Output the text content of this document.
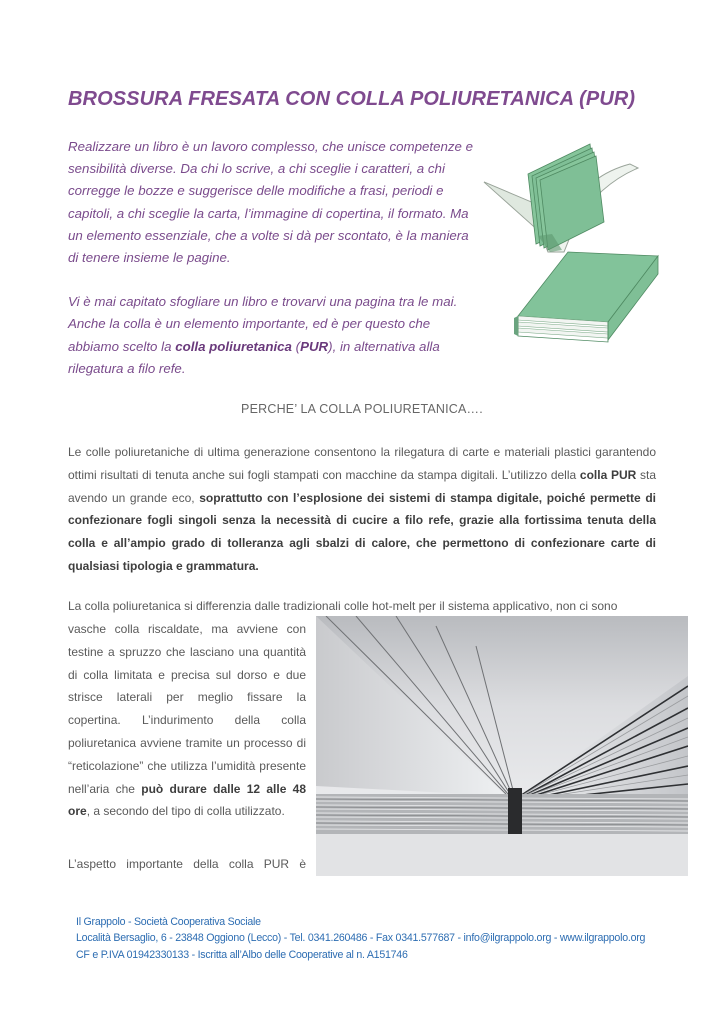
BROSSURA FRESATA CON COLLA POLIURETANICA (PUR)

Realizzare un libro è un lavoro complesso, che unisce competenze e sensibilità diverse. Da chi lo scrive, a chi sceglie i caratteri, a chi corregge le bozze e suggerisce delle modifiche a frasi, periodi e capitoli, a chi sceglie la carta, l’immagine di copertina, il formato. Ma un elemento essenziale, che a volte si dà per scontato, è la maniera di tenere insieme le pagine.

Vi è mai capitato sfogliare un libro e trovarvi una pagina tra le mai. Anche la colla è un elemento importante, ed è per questo che abbiamo scelto la colla poliuretanica (PUR), in alternativa alla rilegatura a filo refe.

PERCHE’ LA COLLA POLIURETANICA….
Le colle poliuretaniche di ultima generazione consentono la rilegatura di carte e materiali plastici garantendo ottimi risultati di tenuta anche sui fogli stampati con macchine da stampa digitali. L’utilizzo della colla PUR sta avendo un grande eco, soprattutto con l’esplosione dei sistemi di stampa digitale, poiché permette di confezionare fogli singoli senza la necessità di cucire a filo refe, grazie alla fortissima tenuta della colla e all’ampio grado di tolleranza agli sbalzi di calore, che permettono di confezionare carte di qualsiasi tipologia e grammatura.
La colla poliuretanica si differenzia dalle tradizionali colle hot-melt per il sistema applicativo, non ci sono
vasche colla riscaldate, ma avviene con testine a spruzzo che lasciano una quantità di colla limitata e precisa sul dorso e due strisce laterali per meglio fissare la copertina. L’indurimento della colla poliuretanica avviene tramite un processo di “reticolazione” che utilizza l’umidità presente nell’aria che può durare dalle 12 alle 48 ore, a secondo del tipo di colla utilizzato.
L’aspetto importante della colla PUR è
Il Grappolo - Società Cooperativa Sociale
Località Bersaglio, 6 - 23848 Oggiono (Lecco) - Tel. 0341.260486 - Fax 0341.577687 - info@ilgrappolo.org - www.ilgrappolo.org
CF e P.IVA 01942330133 - Iscritta all’Albo delle Cooperative al n. A151746
